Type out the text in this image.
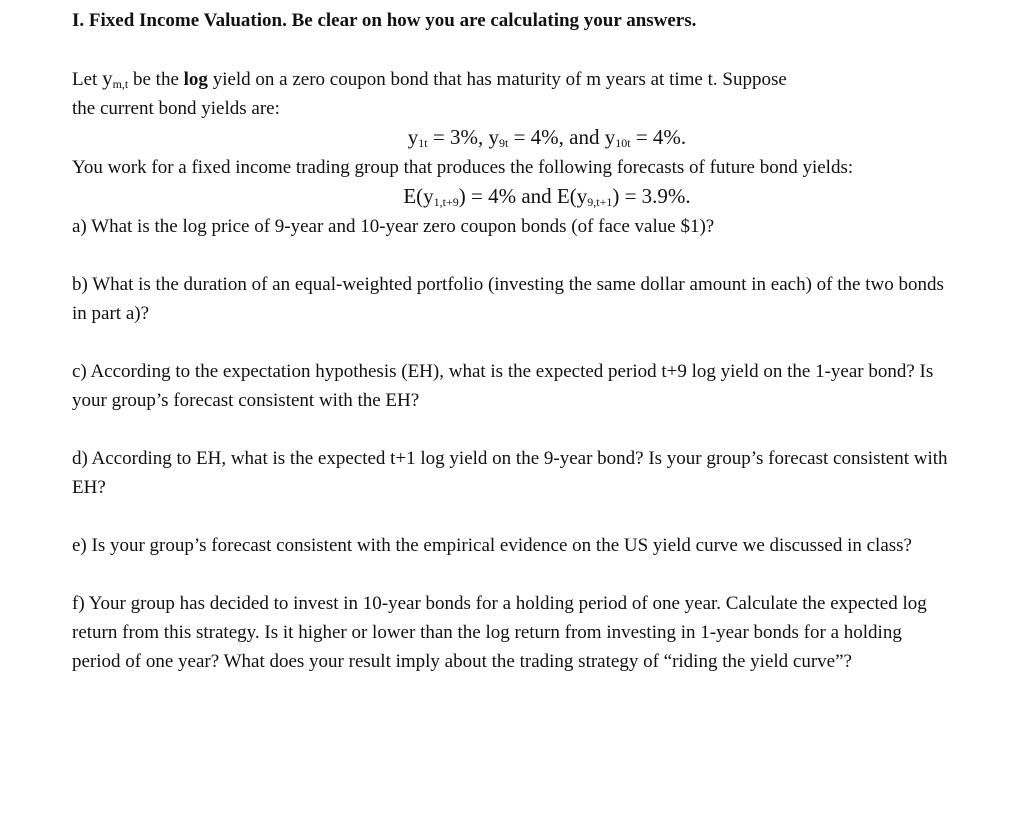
I. Fixed Income Valuation. Be clear on how you are calculating your answers.

Let $y_{m,t}$ be the log yield on a zero coupon bond that has maturity of m years at time t. Suppose
the current bond yields are:

$y_{1t} = 3\%$, $y_{9t} = 4\%$, and $y_{10t} = 4\%$.

You work for a fixed income trading group that produces the following forecasts of future bond yields:

$E(y_{1,t+9}) = 4\%$ and $E(y_{9,t+1}) = 3.9\%$.

a) What is the log price of 9-year and 10-year zero coupon bonds (of face value $1)?

b) What is the duration of an equal-weighted portfolio (investing the same dollar amount in each) of the two bonds in part a)?

c) According to the expectation hypothesis (EH), what is the expected period t+9 log yield on the 1-year bond? Is your group’s forecast consistent with the EH?

d) According to EH, what is the expected t+1 log yield on the 9-year bond? Is your group’s forecast consistent with EH?

e) Is your group’s forecast consistent with the empirical evidence on the US yield curve we discussed in class?

f) Your group has decided to invest in 10-year bonds for a holding period of one year. Calculate the expected log return from this strategy. Is it higher or lower than the log return from investing in 1-year bonds for a holding period of one year? What does your result imply about the trading strategy of “riding the yield curve”?
